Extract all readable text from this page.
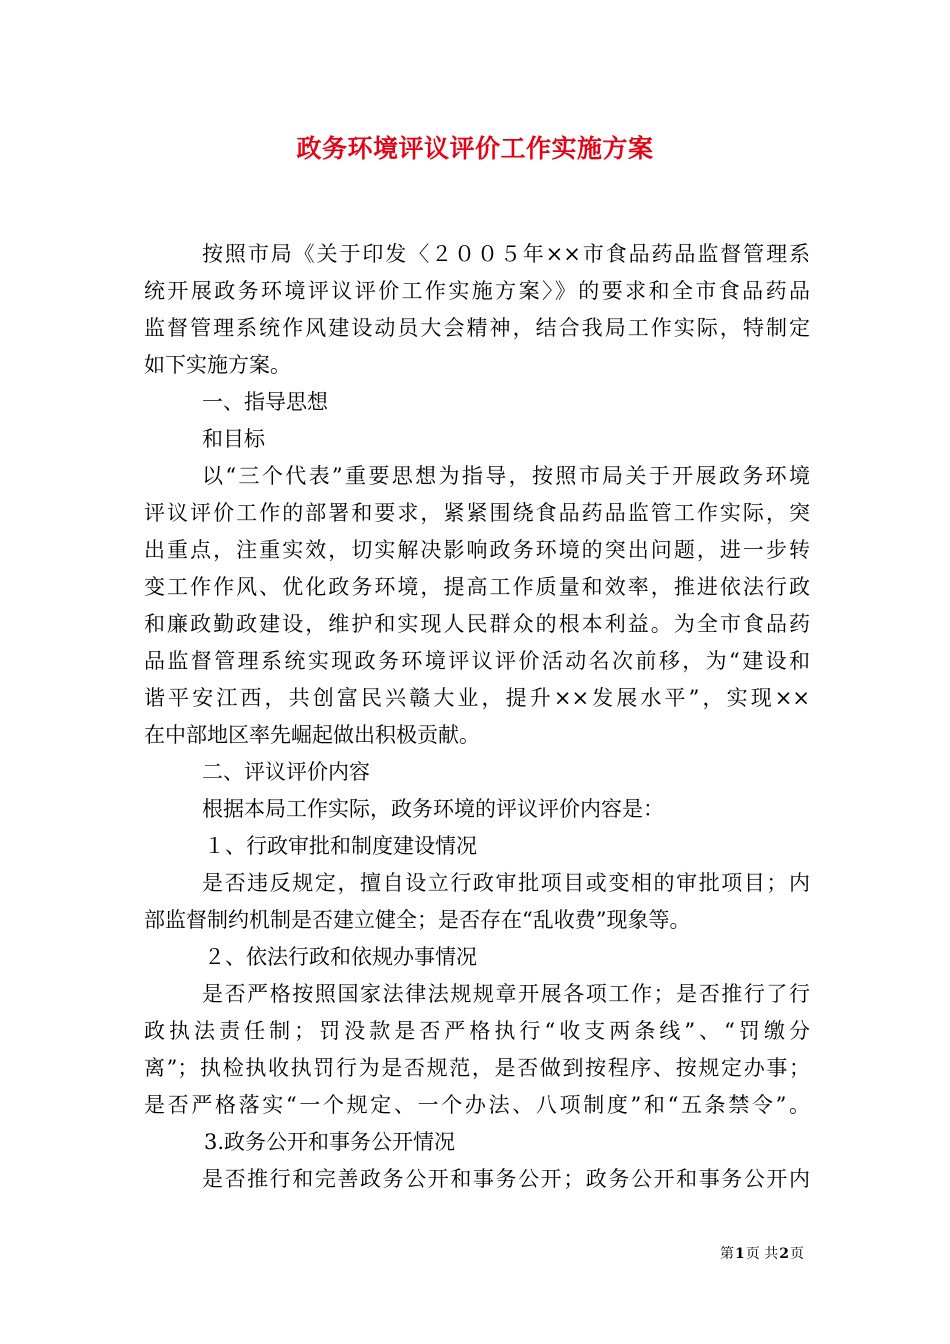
政务环境评议评价工作实施方案
按照市局《关于印发〈２００５年××市食品药品监督管理系
统开展政务环境评议评价工作实施方案〉》的要求和全市食品药品
监督管理系统作风建设动员大会精神，结合我局工作实际，特制定
如下实施方案。
一、指导思想
和目标
以“三个代表”重要思想为指导，按照市局关于开展政务环境
评议评价工作的部署和要求，紧紧围绕食品药品监管工作实际，突
出重点，注重实效，切实解决影响政务环境的突出问题，进一步转
变工作作风、优化政务环境，提高工作质量和效率，推进依法行政
和廉政勤政建设，维护和实现人民群众的根本利益。为全市食品药
品监督管理系统实现政务环境评议评价活动名次前移，为“建设和
谐平安江西，共创富民兴赣大业，提升××发展水平”，实现××
在中部地区率先崛起做出积极贡献。
二、评议评价内容
根据本局工作实际，政务环境的评议评价内容是：
１、行政审批和制度建设情况
是否违反规定，擅自设立行政审批项目或变相的审批项目；内
部监督制约机制是否建立健全；是否存在“乱收费”现象等。
２、依法行政和依规办事情况
是否严格按照国家法律法规规章开展各项工作；是否推行了行
政执法责任制；罚没款是否严格执行“收支两条线”、“罚缴分
离”；执检执收执罚行为是否规范，是否做到按程序、按规定办事；
是否严格落实“一个规定、一个办法、八项制度”和“五条禁令”。
3.政务公开和事务公开情况
是否推行和完善政务公开和事务公开；政务公开和事务公开内
第1页 共2页
